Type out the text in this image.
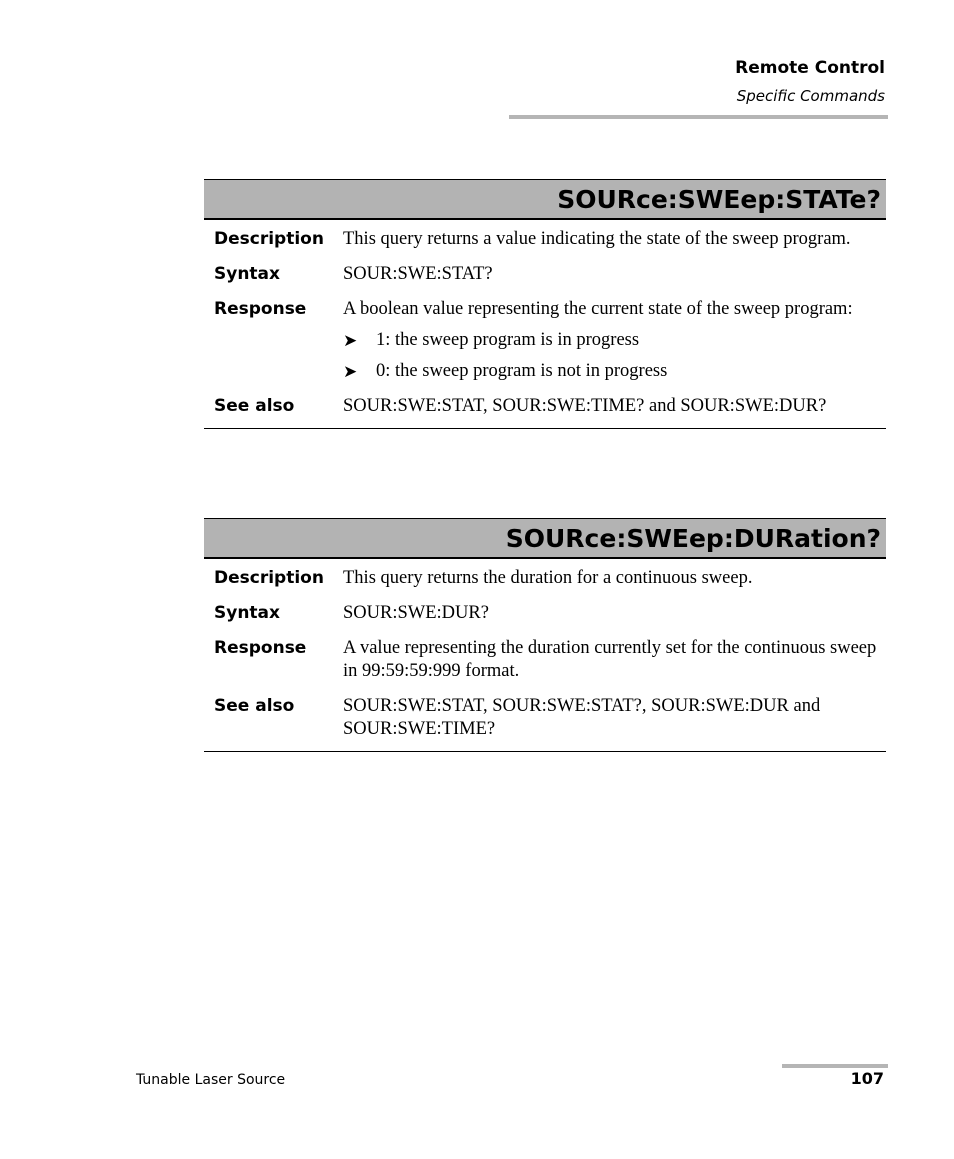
Remote Control
Specific Commands
SOURce:SWEep:STATe?
Description	This query returns a value indicating the state of the sweep program.
Syntax	SOUR:SWE:STAT?
Response	A boolean value representing the current state of the sweep program:
➤	1: the sweep program is in progress
➤	0: the sweep program is not in progress
See also	SOUR:SWE:STAT, SOUR:SWE:TIME? and SOUR:SWE:DUR?
SOURce:SWEep:DURation?
Description	This query returns the duration for a continuous sweep.
Syntax	SOUR:SWE:DUR?
Response	A value representing the duration currently set for the continuous sweep in 99:59:59:999 format.
See also	SOUR:SWE:STAT, SOUR:SWE:STAT?, SOUR:SWE:DUR and SOUR:SWE:TIME?
Tunable Laser Source	107
